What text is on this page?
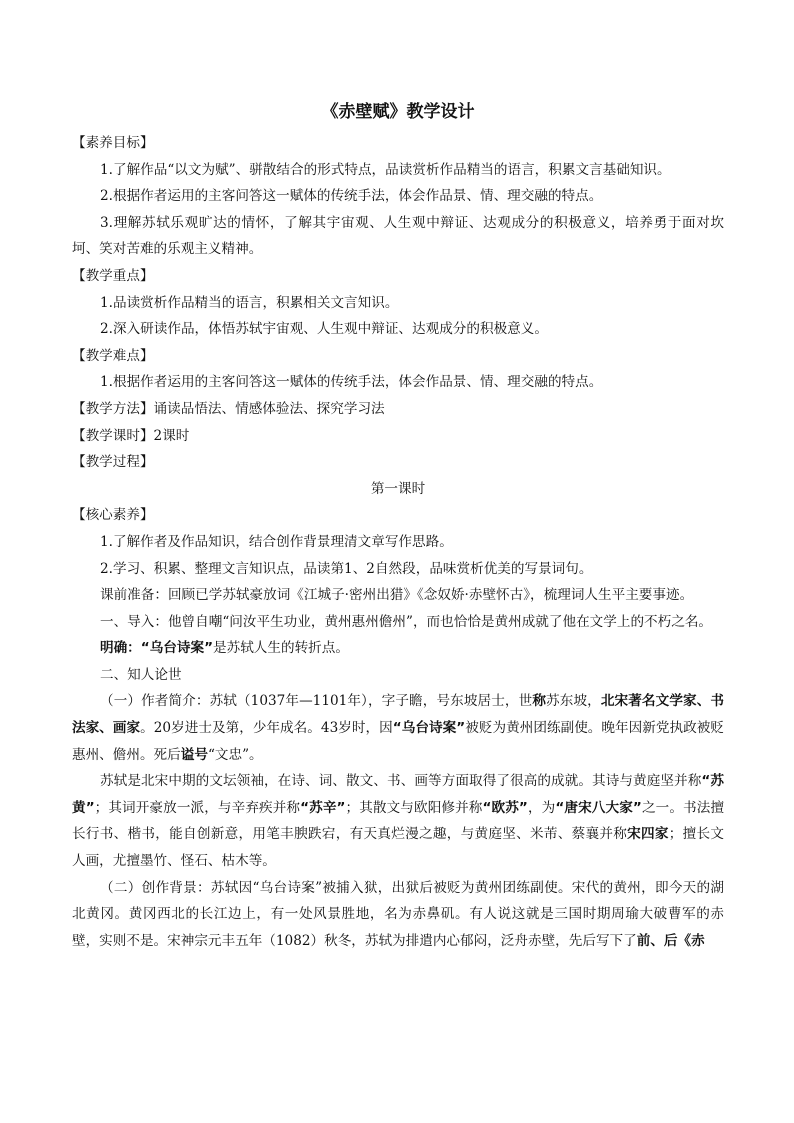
《赤壁赋》教学设计

【素养目标】

1.了解作品“以文为赋”、骈散结合的形式特点，品读赏析作品精当的语言，积累文言基础知识。

2.根据作者运用的主客问答这一赋体的传统手法，体会作品景、情、理交融的特点。

3.理解苏轼乐观旷达的情怀，了解其宇宙观、人生观中辩证、达观成分的积极意义，培养勇于面对坎坷、笑对苦难的乐观主义精神。

【教学重点】

1.品读赏析作品精当的语言，积累相关文言知识。

2.深入研读作品，体悟苏轼宇宙观、人生观中辩证、达观成分的积极意义。

【教学难点】

1.根据作者运用的主客问答这一赋体的传统手法，体会作品景、情、理交融的特点。

【教学方法】诵读品悟法、情感体验法、探究学习法

【教学课时】2课时

【教学过程】

第一课时

【核心素养】

1.了解作者及作品知识，结合创作背景理清文章写作思路。

2.学习、积累、整理文言知识点，品读第1、2自然段，品味赏析优美的写景词句。

课前准备：回顾已学苏轼豪放词《江城子·密州出猎》《念奴娇·赤壁怀古》，梳理词人生平主要事迹。

一、导入：他曾自嘲“问汝平生功业，黄州惠州儋州”，而也恰恰是黄州成就了他在文学上的不朽之名。

明确：“乌台诗案”是苏轼人生的转折点。

二、知人论世

（一）作者简介：苏轼（1037年—1101年），字子瞻，号东坡居士，世称苏东坡，北宋著名文学家、书法家、画家。20岁进士及第，少年成名。43岁时，因“乌台诗案”被贬为黄州团练副使。晚年因新党执政被贬惠州、儋州。死后谥号“文忠”。

苏轼是北宋中期的文坛领袖，在诗、词、散文、书、画等方面取得了很高的成就。其诗与黄庭坚并称“苏黄”；其词开豪放一派，与辛弃疾并称“苏辛”；其散文与欧阳修并称“欧苏”，为“唐宋八大家”之一。书法擅长行书、楷书，能自创新意，用笔丰腴跌宕，有天真烂漫之趣，与黄庭坚、米芾、蔡襄并称宋四家；擅长文人画，尤擅墨竹、怪石、枯木等。

（二）创作背景：苏轼因“乌台诗案”被捕入狱，出狱后被贬为黄州团练副使。宋代的黄州，即今天的湖北黄冈。黄冈西北的长江边上，有一处风景胜地，名为赤鼻矶。有人说这就是三国时期周瑜大破曹军的赤壁，实则不是。宋神宗元丰五年（1082）秋冬，苏轼为排遣内心郁闷，泛舟赤壁，先后写下了前、后《赤
